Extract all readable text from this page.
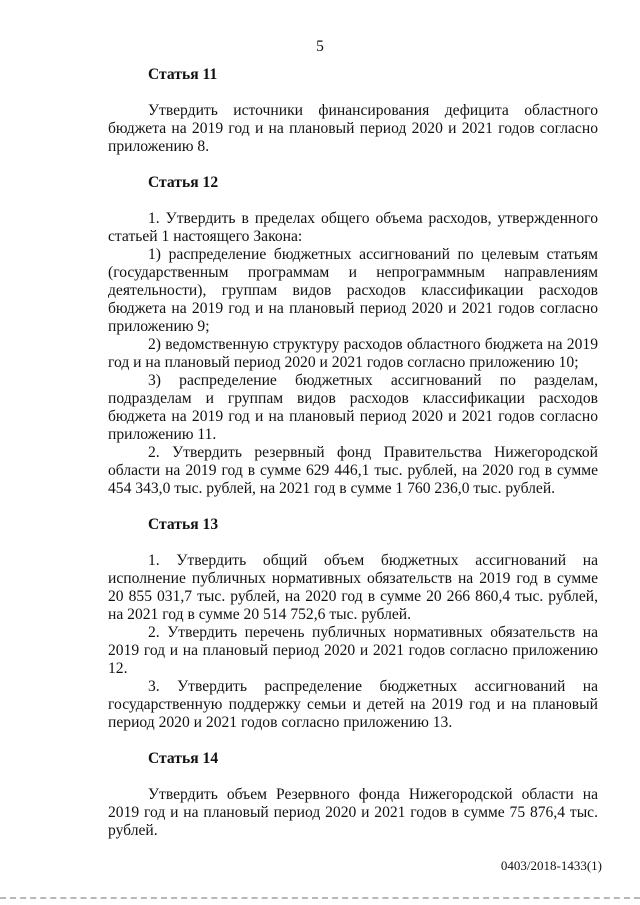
5
Статья 11
Утвердить источники финансирования дефицита областного бюджета на 2019 год и на плановый период 2020 и 2021 годов согласно приложению 8.
Статья 12
1. Утвердить в пределах общего объема расходов, утвержденного статьей 1 настоящего Закона:
1) распределение бюджетных ассигнований по целевым статьям (государственным программам и непрограммным направлениям деятельности), группам видов расходов классификации расходов бюджета на 2019 год и на плановый период 2020 и 2021 годов согласно приложению 9;
2) ведомственную структуру расходов областного бюджета на 2019 год и на плановый период 2020 и 2021 годов согласно приложению 10;
3) распределение бюджетных ассигнований по разделам, подразделам и группам видов расходов классификации расходов бюджета на 2019 год и на плановый период 2020 и 2021 годов согласно приложению 11.
2. Утвердить резервный фонд Правительства Нижегородской области на 2019 год в сумме 629 446,1 тыс. рублей, на 2020 год в сумме 454 343,0 тыс. рублей, на 2021 год в сумме 1 760 236,0 тыс. рублей.
Статья 13
1. Утвердить общий объем бюджетных ассигнований на исполнение публичных нормативных обязательств на 2019 год в сумме 20 855 031,7 тыс. рублей, на 2020 год в сумме 20 266 860,4 тыс. рублей, на 2021 год в сумме 20 514 752,6 тыс. рублей.
2. Утвердить перечень публичных нормативных обязательств на 2019 год и на плановый период 2020 и 2021 годов согласно приложению 12.
3. Утвердить распределение бюджетных ассигнований на государственную поддержку семьи и детей на 2019 год и на плановый период 2020 и 2021 годов согласно приложению 13.
Статья 14
Утвердить объем Резервного фонда Нижегородской области на 2019 год и на плановый период 2020 и 2021 годов в сумме 75 876,4 тыс. рублей.
0403/2018-1433(1)
